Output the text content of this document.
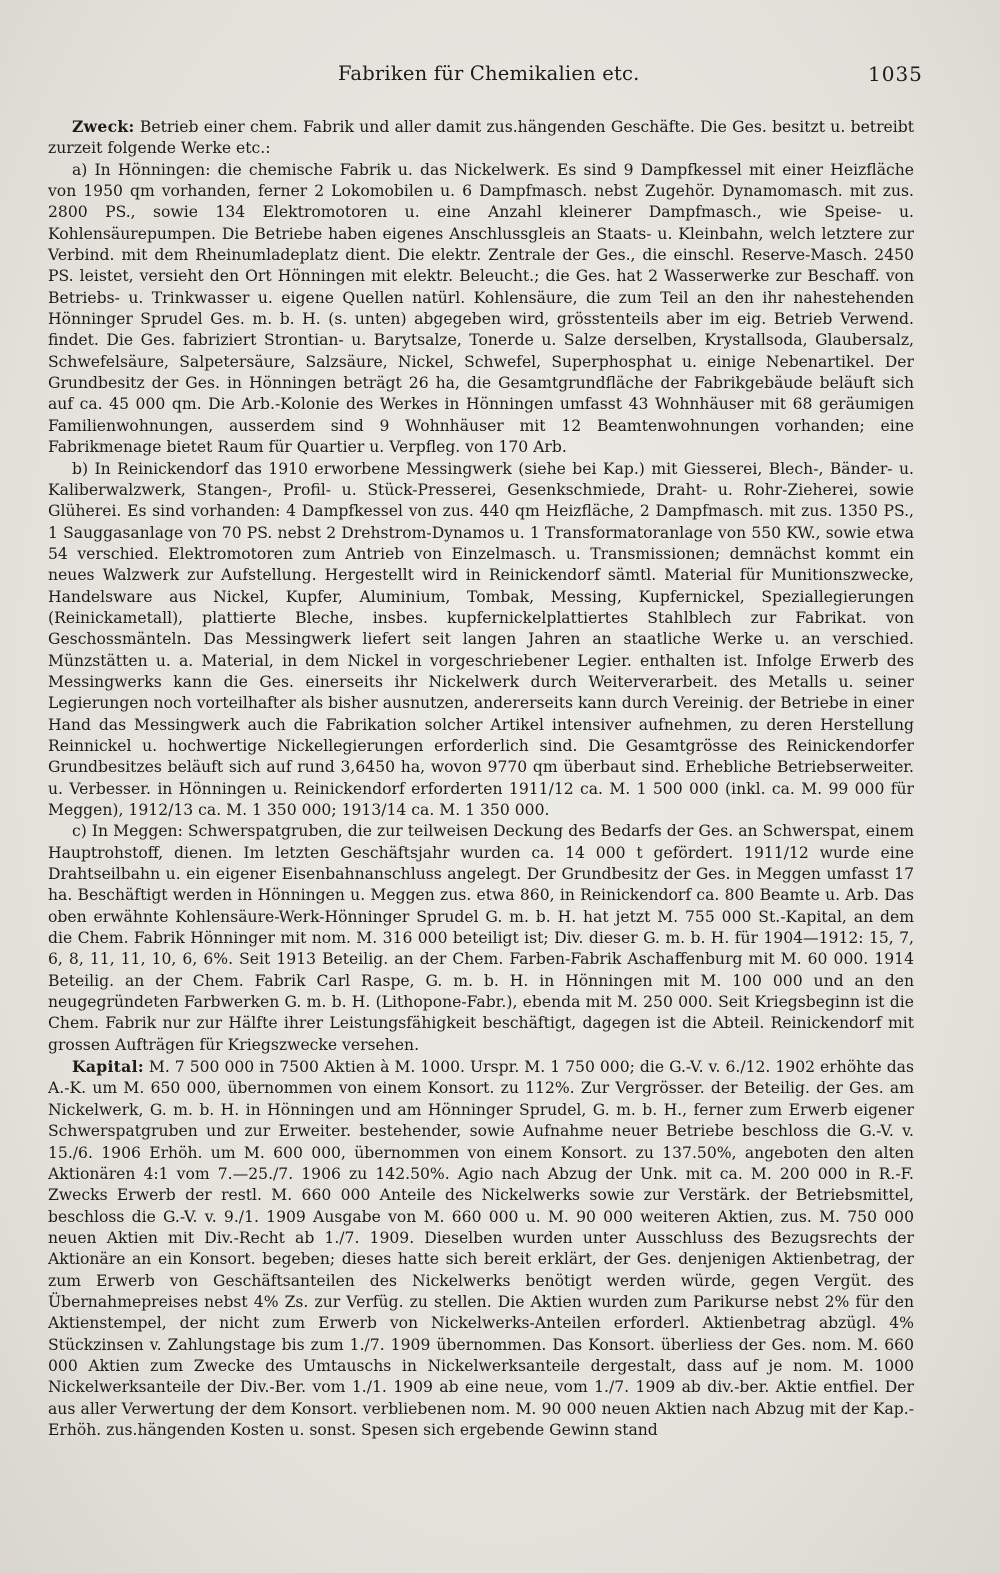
Fabriken für Chemikalien etc.	1035

Zweck: Betrieb einer chem. Fabrik und aller damit zus.hängenden Geschäfte. Die Ges. besitzt u. betreibt zurzeit folgende Werke etc.:

a) In Hönningen: die chemische Fabrik u. das Nickelwerk. Es sind 9 Dampfkessel mit einer Heizfläche von 1950 qm vorhanden, ferner 2 Lokomobilen u. 6 Dampfmasch. nebst Zugehör. Dynamomasch. mit zus. 2800 PS., sowie 134 Elektromotoren u. eine Anzahl kleinerer Dampfmasch., wie Speise- u. Kohlensäurepumpen. Die Betriebe haben eigenes Anschlussgleis an Staats- u. Kleinbahn, welch letztere zur Verbind. mit dem Rheinumladeplatz dient. Die elektr. Zentrale der Ges., die einschl. Reserve-Masch. 2450 PS. leistet, versieht den Ort Hönningen mit elektr. Beleucht.; die Ges. hat 2 Wasserwerke zur Beschaff. von Betriebs- u. Trinkwasser u. eigene Quellen natürl. Kohlensäure, die zum Teil an den ihr nahestehenden Hönninger Sprudel Ges. m. b. H. (s. unten) abgegeben wird, grösstenteils aber im eig. Betrieb Verwend. findet. Die Ges. fabriziert Strontian- u. Barytsalze, Tonerde u. Salze derselben, Krystallsoda, Glaubersalz, Schwefelsäure, Salpetersäure, Salzsäure, Nickel, Schwefel, Superphosphat u. einige Nebenartikel. Der Grundbesitz der Ges. in Hönningen beträgt 26 ha, die Gesamtgrundfläche der Fabrikgebäude beläuft sich auf ca. 45 000 qm. Die Arb.-Kolonie des Werkes in Hönningen umfasst 43 Wohnhäuser mit 68 geräumigen Familienwohnungen, ausserdem sind 9 Wohnhäuser mit 12 Beamtenwohnungen vorhanden; eine Fabrikmenage bietet Raum für Quartier u. Verpfleg. von 170 Arb.

b) In Reinickendorf das 1910 erworbene Messingwerk (siehe bei Kap.) mit Giesserei, Blech-, Bänder- u. Kaliberwalzwerk, Stangen-, Profil- u. Stück-Presserei, Gesenkschmiede, Draht- u. Rohr-Zieherei, sowie Glüherei. Es sind vorhanden: 4 Dampfkessel von zus. 440 qm Heizfläche, 2 Dampfmasch. mit zus. 1350 PS., 1 Sauggasanlage von 70 PS. nebst 2 Drehstrom-Dynamos u. 1 Transformatoranlage von 550 KW., sowie etwa 54 verschied. Elektromotoren zum Antrieb von Einzelmasch. u. Transmissionen; demnächst kommt ein neues Walzwerk zur Aufstellung. Hergestellt wird in Reinickendorf sämtl. Material für Munitionszwecke, Handelsware aus Nickel, Kupfer, Aluminium, Tombak, Messing, Kupfernickel, Speziallegierungen (Reinickametall), plattierte Bleche, insbes. kupfernickelplattiertes Stahlblech zur Fabrikat. von Geschossmänteln. Das Messingwerk liefert seit langen Jahren an staatliche Werke u. an verschied. Münzstätten u. a. Material, in dem Nickel in vorgeschriebener Legier. enthalten ist. Infolge Erwerb des Messingwerks kann die Ges. einerseits ihr Nickelwerk durch Weiterverarbeit. des Metalls u. seiner Legierungen noch vorteilhafter als bisher ausnutzen, andererseits kann durch Vereinig. der Betriebe in einer Hand das Messingwerk auch die Fabrikation solcher Artikel intensiver aufnehmen, zu deren Herstellung Reinnickel u. hochwertige Nickellegierungen erforderlich sind. Die Gesamtgrösse des Reinickendorfer Grundbesitzes beläuft sich auf rund 3,6450 ha, wovon 9770 qm überbaut sind. Erhebliche Betriebserweiter. u. Verbesser. in Hönningen u. Reinickendorf erforderten 1911/12 ca. M. 1 500 000 (inkl. ca. M. 99 000 für Meggen), 1912/13 ca. M. 1 350 000; 1913/14 ca. M. 1 350 000.

c) In Meggen: Schwerspatgruben, die zur teilweisen Deckung des Bedarfs der Ges. an Schwerspat, einem Hauptrohstoff, dienen. Im letzten Geschäftsjahr wurden ca. 14 000 t gefördert. 1911/12 wurde eine Drahtseilbahn u. ein eigener Eisenbahnanschluss angelegt. Der Grundbesitz der Ges. in Meggen umfasst 17 ha. Beschäftigt werden in Hönningen u. Meggen zus. etwa 860, in Reinickendorf ca. 800 Beamte u. Arb. Das oben erwähnte Kohlensäure-Werk-Hönninger Sprudel G. m. b. H. hat jetzt M. 755 000 St.-Kapital, an dem die Chem. Fabrik Hönninger mit nom. M. 316 000 beteiligt ist; Div. dieser G. m. b. H. für 1904—1912: 15, 7, 6, 8, 11, 11, 10, 6, 6%. Seit 1913 Beteilig. an der Chem. Farben-Fabrik Aschaffenburg mit M. 60 000. 1914 Beteilig. an der Chem. Fabrik Carl Raspe, G. m. b. H. in Hönningen mit M. 100 000 und an den neugegründeten Farbwerken G. m. b. H. (Lithopone-Fabr.), ebenda mit M. 250 000. Seit Kriegsbeginn ist die Chem. Fabrik nur zur Hälfte ihrer Leistungsfähigkeit beschäftigt, dagegen ist die Abteil. Reinickendorf mit grossen Aufträgen für Kriegszwecke versehen.

Kapital: M. 7 500 000 in 7500 Aktien à M. 1000. Urspr. M. 1 750 000; die G.-V. v. 6./12. 1902 erhöhte das A.-K. um M. 650 000, übernommen von einem Konsort. zu 112%. Zur Vergrösser. der Beteilig. der Ges. am Nickelwerk, G. m. b. H. in Hönningen und am Hönninger Sprudel, G. m. b. H., ferner zum Erwerb eigener Schwerspatgruben und zur Erweiter. bestehender, sowie Aufnahme neuer Betriebe beschloss die G.-V. v. 15./6. 1906 Erhöh. um M. 600 000, übernommen von einem Konsort. zu 137.50%, angeboten den alten Aktionären 4:1 vom 7.—25./7. 1906 zu 142.50%. Agio nach Abzug der Unk. mit ca. M. 200 000 in R.-F. Zwecks Erwerb der restl. M. 660 000 Anteile des Nickelwerks sowie zur Verstärk. der Betriebsmittel, beschloss die G.-V. v. 9./1. 1909 Ausgabe von M. 660 000 u. M. 90 000 weiteren Aktien, zus. M. 750 000 neuen Aktien mit Div.-Recht ab 1./7. 1909. Dieselben wurden unter Ausschluss des Bezugsrechts der Aktionäre an ein Konsort. begeben; dieses hatte sich bereit erklärt, der Ges. denjenigen Aktienbetrag, der zum Erwerb von Geschäftsanteilen des Nickelwerks benötigt werden würde, gegen Vergüt. des Übernahmepreises nebst 4% Zs. zur Verfüg. zu stellen. Die Aktien wurden zum Parikurse nebst 2% für den Aktienstempel, der nicht zum Erwerb von Nickelwerks-Anteilen erforderl. Aktienbetrag abzügl. 4% Stückzinsen v. Zahlungstage bis zum 1./7. 1909 übernommen. Das Konsort. überliess der Ges. nom. M. 660 000 Aktien zum Zwecke des Umtauschs in Nickelwerksanteile dergestalt, dass auf je nom. M. 1000 Nickelwerksanteile der Div.-Ber. vom 1./1. 1909 ab eine neue, vom 1./7. 1909 ab div.-ber. Aktie entfiel. Der aus aller Verwertung der dem Konsort. verbliebenen nom. M. 90 000 neuen Aktien nach Abzug mit der Kap.-Erhöh. zus.hängenden Kosten u. sonst. Spesen sich ergebende Gewinn stand
